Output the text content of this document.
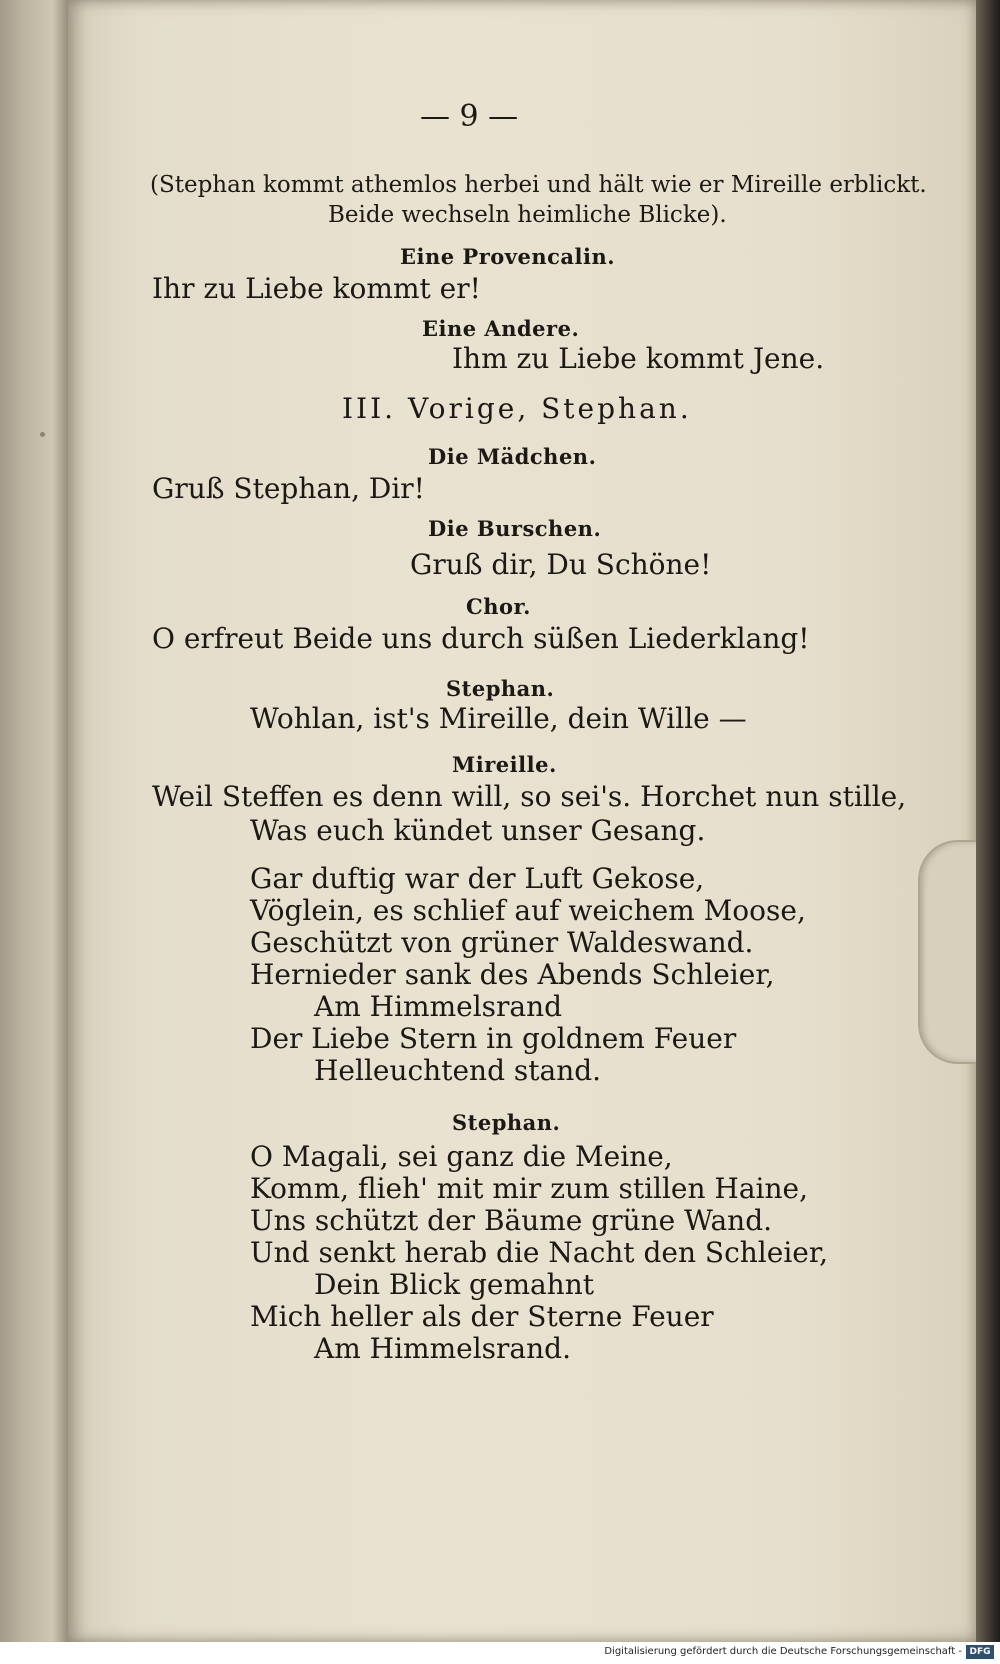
— 9 —

(Stephan kommt athemlos herbei und hält wie er Mireille erblickt.

Beide wechseln heimliche Blicke).

Eine Provencalin.

Ihr zu Liebe kommt er!

Eine Andere.

Ihm zu Liebe kommt Jene.

III. Vorige, Stephan.

Die Mädchen.

Gruß Stephan, Dir!

Die Burschen.

Gruß dir, Du Schöne!

Chor.

O erfreut Beide uns durch süßen Liederklang!

Stephan.

Wohlan, ist's Mireille, dein Wille —

Mireille.

Weil Steffen es denn will, so sei's. Horchet nun stille,

Was euch kündet unser Gesang.

Gar duftig war der Luft Gekose,

Vöglein, es schlief auf weichem Moose,

Geschützt von grüner Waldeswand.

Hernieder sank des Abends Schleier,

Am Himmelsrand

Der Liebe Stern in goldnem Feuer

Helleuchtend stand.

Stephan.

O Magali, sei ganz die Meine,

Komm, flieh' mit mir zum stillen Haine,

Uns schützt der Bäume grüne Wand.

Und senkt herab die Nacht den Schleier,

Dein Blick gemahnt

Mich heller als der Sterne Feuer

Am Himmelsrand.

Digitalisierung gefördert durch die Deutsche Forschungsgemeinschaft - DFG
